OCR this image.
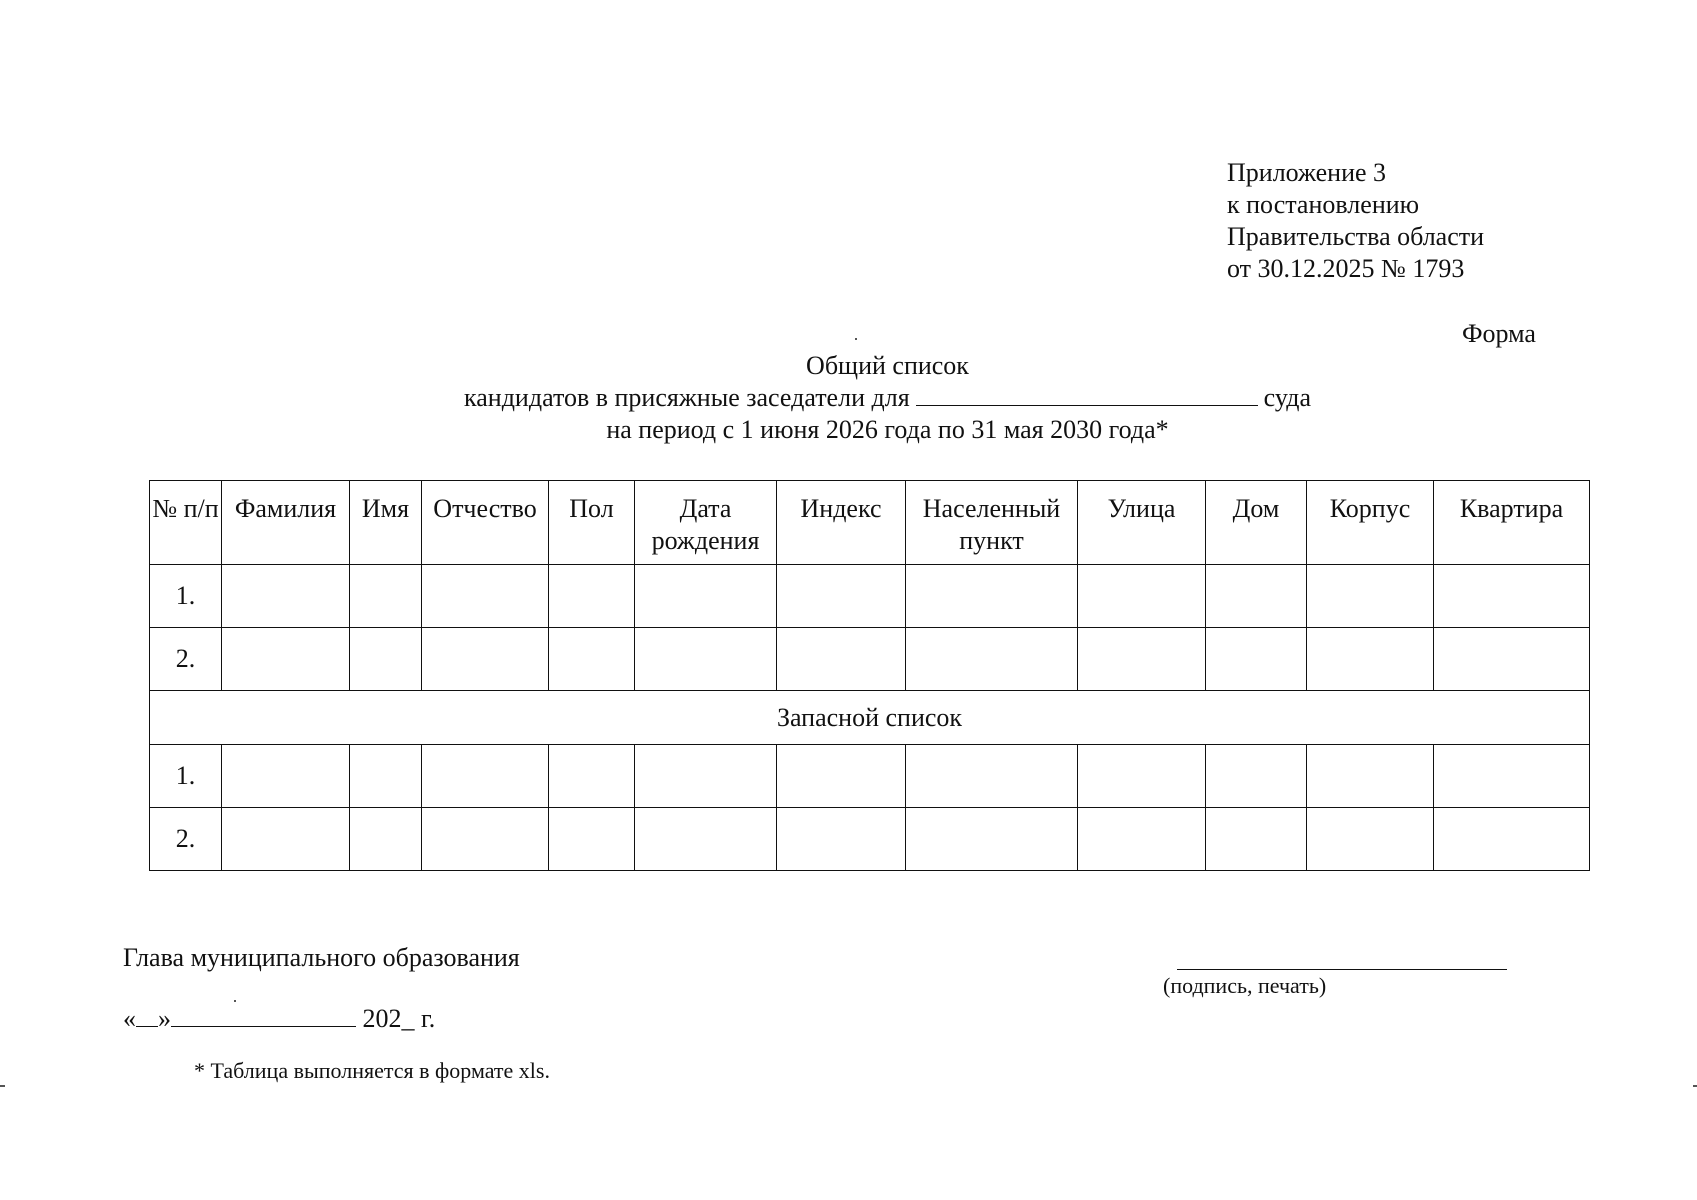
Приложение 3
к постановлению
Правительства области
от 30.12.2025 № 1793
Форма
Общий список
кандидатов в присяжные заседатели для	суда
на период с 1 июня 2026 года по 31 мая 2030 года*
№ п/п	Фамилия	Имя	Отчество	Пол	Дата рождения	Индекс	Населенный пункт	Улица	Дом	Корпус	Квартира
1.											
2.											
Запасной список											
1.											
2.											
Глава муниципального образования
(подпись, печать)
« »	202_ г.
* Таблица выполняется в формате xls.
